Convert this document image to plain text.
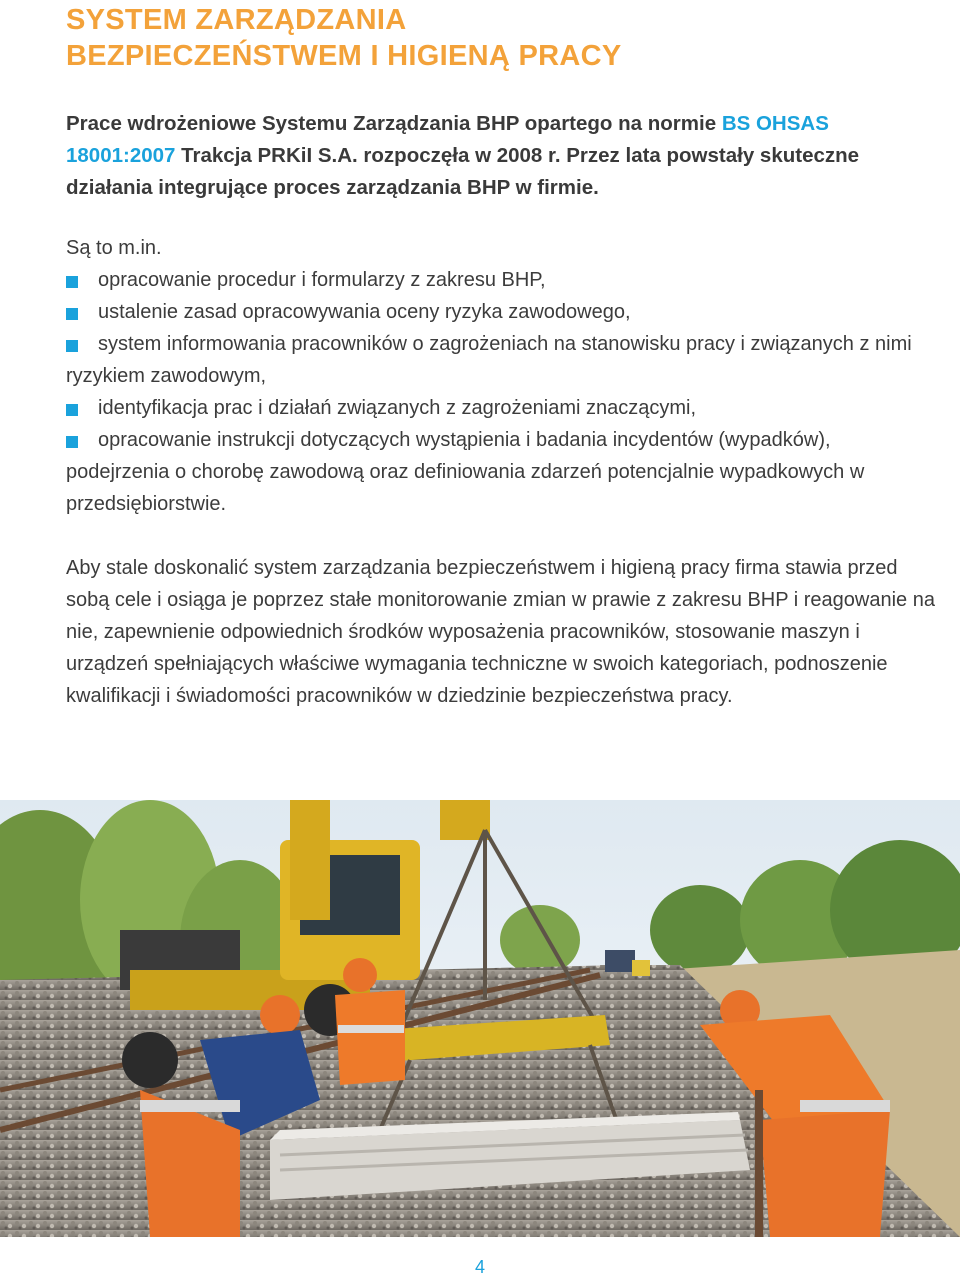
SYSTEM ZARZĄDZANIA
BEZPIECZEŃSTWEM I HIGIENĄ PRACY

Prace wdrożeniowe Systemu Zarządzania BHP opartego na normie BS OHSAS 18001:2007 Trakcja PRKiI S.A. rozpoczęła w 2008 r. Przez lata powstały skuteczne działania integrujące proces zarządzania BHP w firmie.

Są to m.in.

opracowanie procedur i formularzy z zakresu BHP,

ustalenie zasad opracowywania oceny ryzyka zawodowego,

system informowania pracowników o zagrożeniach na stanowisku pracy i związanych z nimi ryzykiem zawodowym,

identyfikacja prac i działań związanych z zagrożeniami znaczącymi,

opracowanie instrukcji dotyczących wystąpienia i badania incydentów (wypadków), podejrzenia o chorobę zawodową oraz definiowania zdarzeń potencjalnie wypadkowych w przedsiębiorstwie.

Aby stale doskonalić system zarządzania bezpieczeństwem i higieną pracy firma stawia przed sobą cele i osiąga je poprzez stałe monitorowanie zmian w prawie z zakresu BHP i reagowanie na nie, zapewnienie odpowiednich środków wyposażenia pracowników, stosowanie maszyn i urządzeń spełniających właściwe wymagania techniczne w swoich kategoriach, podnoszenie kwalifikacji i świadomości pracowników w dziedzinie bezpieczeństwa pracy.

4
